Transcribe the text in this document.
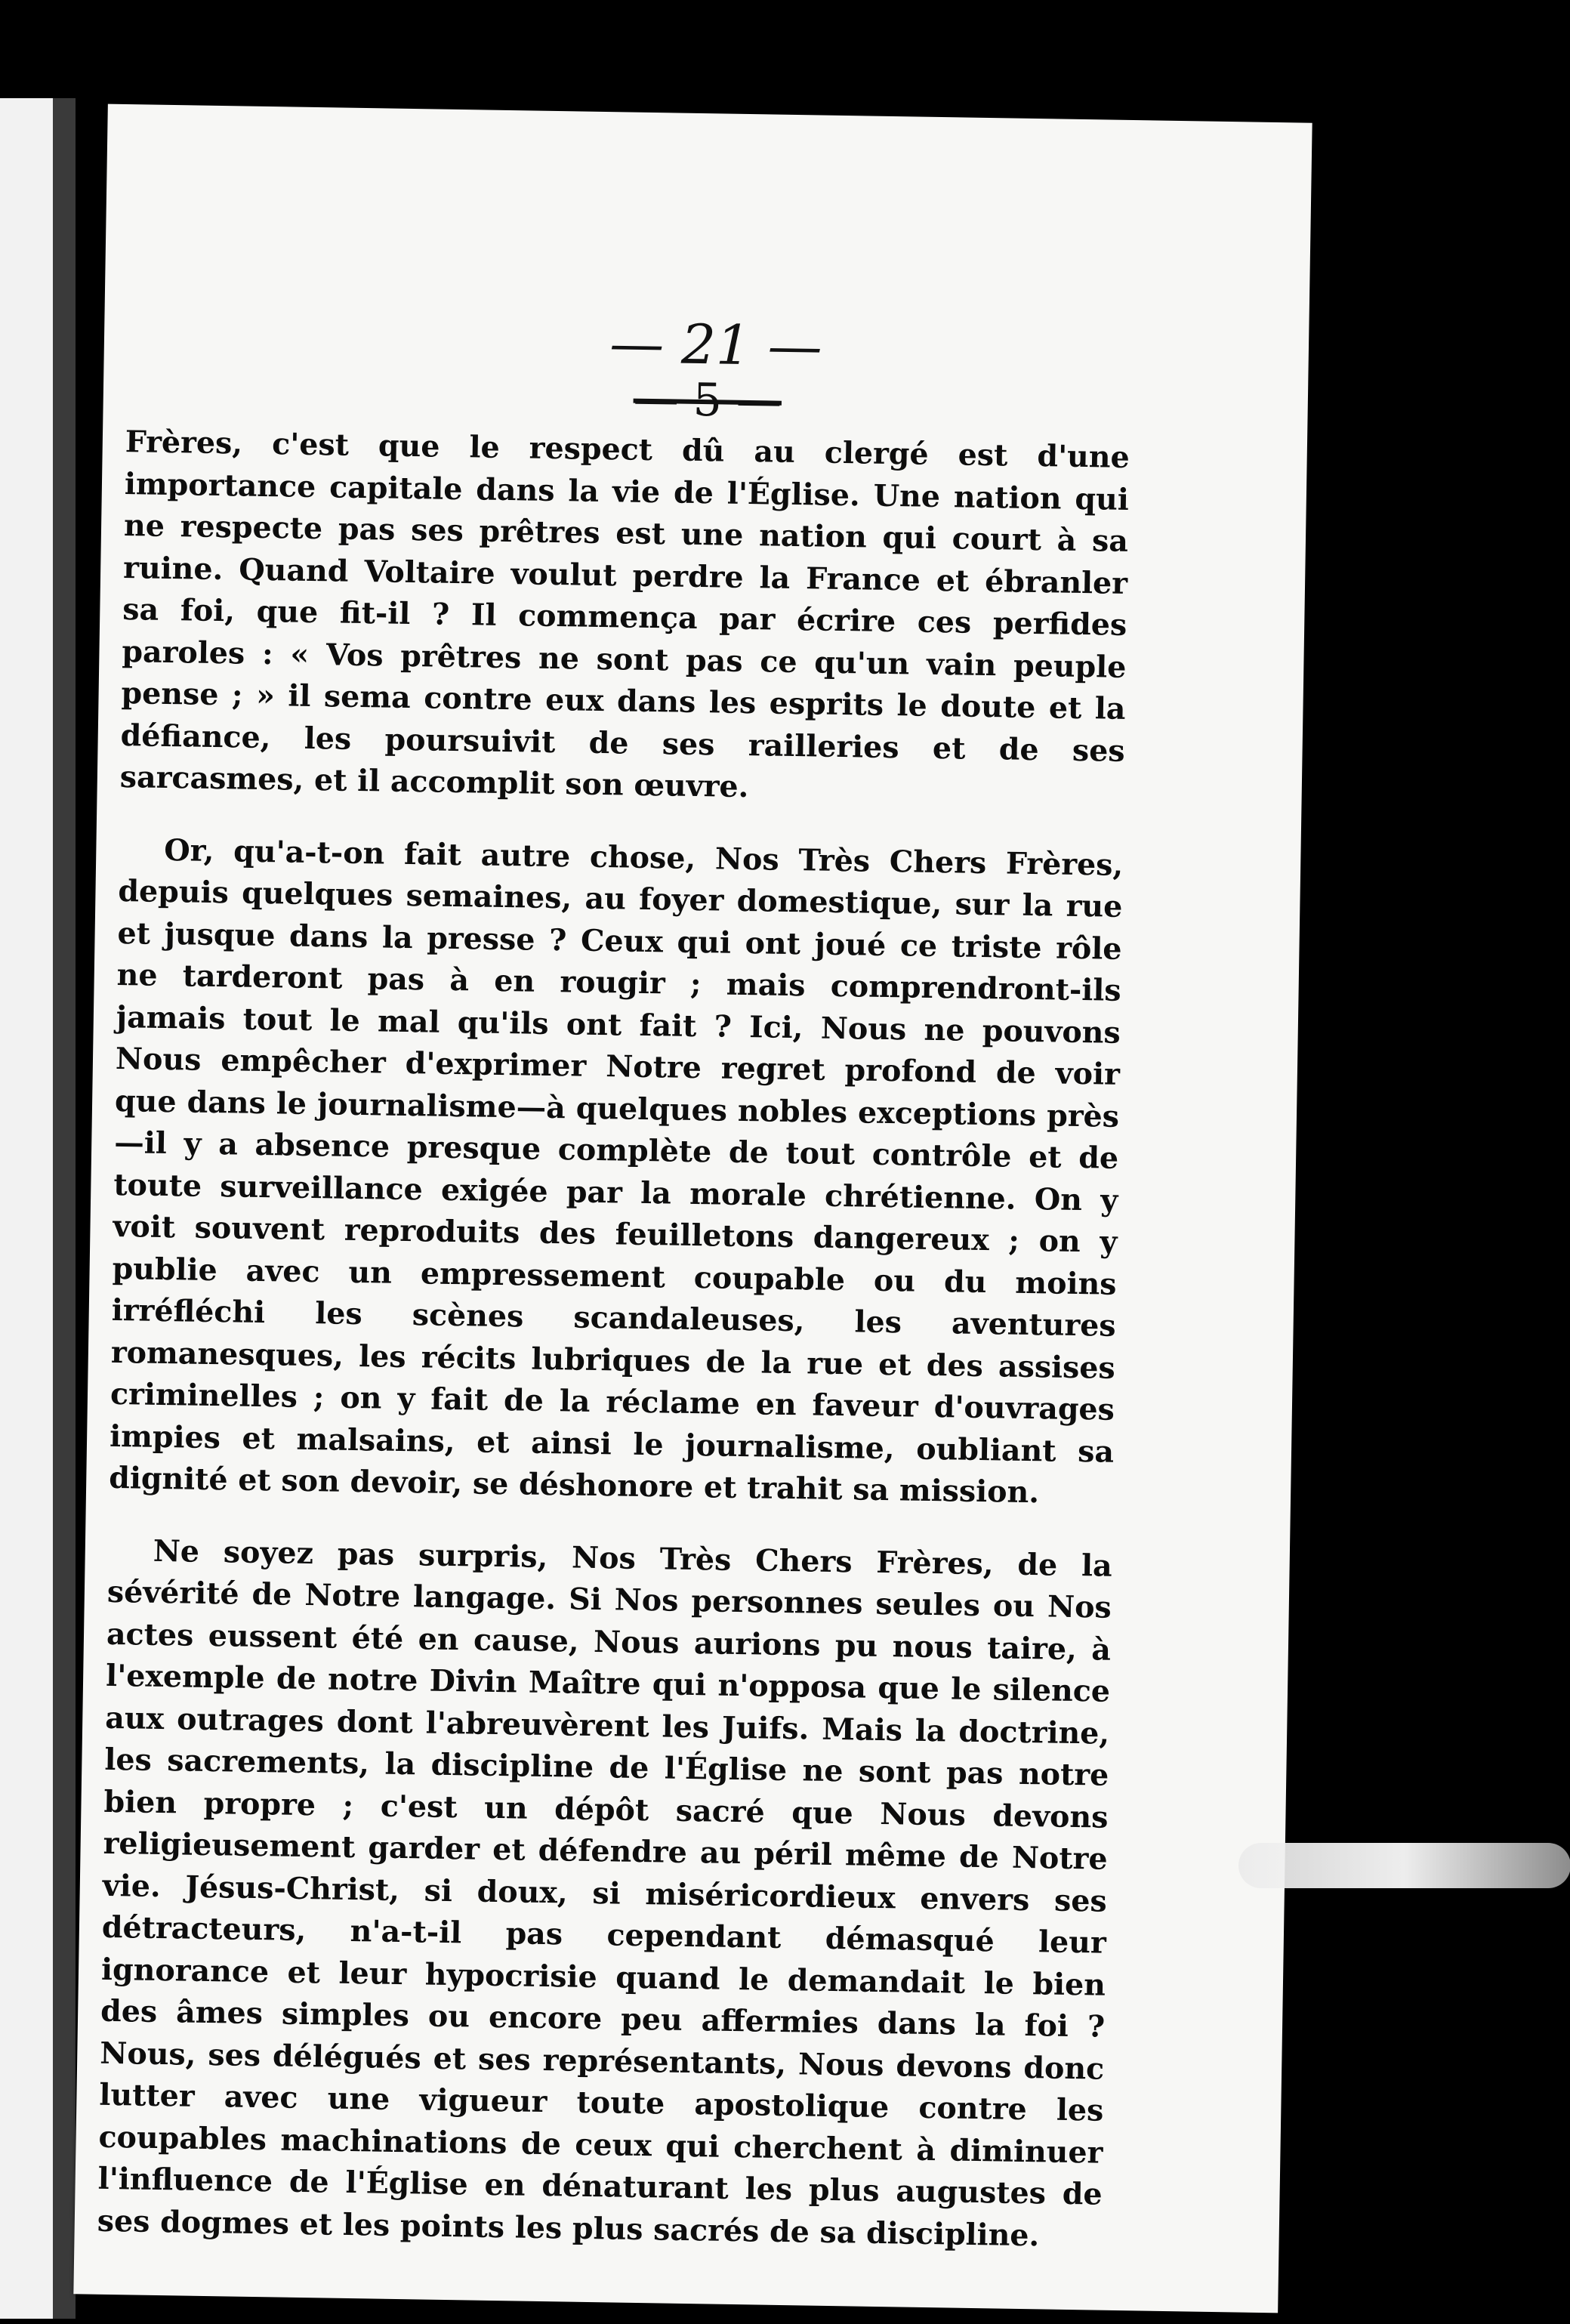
— 21 —
— 5 —

Frères, c'est que le respect dû au clergé est d'une importance capitale dans la vie de l'Église. Une nation qui ne respecte pas ses prêtres est une nation qui court à sa ruine. Quand Voltaire voulut perdre la France et ébranler sa foi, que fit-il ? Il commença par écrire ces perfides paroles : « Vos prêtres ne sont pas ce qu'un vain peuple pense ; » il sema contre eux dans les esprits le doute et la défiance, les poursuivit de ses railleries et de ses sarcasmes, et il accomplit son œuvre.

Or, qu'a-t-on fait autre chose, Nos Très Chers Frères, depuis quelques semaines, au foyer domestique, sur la rue et jusque dans la presse ? Ceux qui ont joué ce triste rôle ne tarderont pas à en rougir ; mais comprendront-ils jamais tout le mal qu'ils ont fait ? Ici, Nous ne pouvons Nous empêcher d'exprimer Notre regret profond de voir que dans le journalisme—à quelques nobles exceptions près—il y a absence presque complète de tout contrôle et de toute surveillance exigée par la morale chrétienne. On y voit souvent reproduits des feuilletons dangereux ; on y publie avec un empressement coupable ou du moins irréfléchi les scènes scandaleuses, les aventures romanesques, les récits lubriques de la rue et des assises criminelles ; on y fait de la réclame en faveur d'ouvrages impies et malsains, et ainsi le journalisme, oubliant sa dignité et son devoir, se déshonore et trahit sa mission.

Ne soyez pas surpris, Nos Très Chers Frères, de la sévérité de Notre langage. Si Nos personnes seules ou Nos actes eussent été en cause, Nous aurions pu nous taire, à l'exemple de notre Divin Maître qui n'opposa que le silence aux outrages dont l'abreuvèrent les Juifs. Mais la doctrine, les sacrements, la discipline de l'Église ne sont pas notre bien propre ; c'est un dépôt sacré que Nous devons religieusement garder et défendre au péril même de Notre vie. Jésus-Christ, si doux, si miséricordieux envers ses détracteurs, n'a-t-il pas cependant démasqué leur ignorance et leur hypocrisie quand le demandait le bien des âmes simples ou encore peu affermies dans la foi ? Nous, ses délégués et ses représentants, Nous devons donc lutter avec une vigueur toute apostolique contre les coupables machinations de ceux qui cherchent à diminuer l'influence de l'Église en dénaturant les plus augustes de ses dogmes et les points les plus sacrés de sa discipline.
